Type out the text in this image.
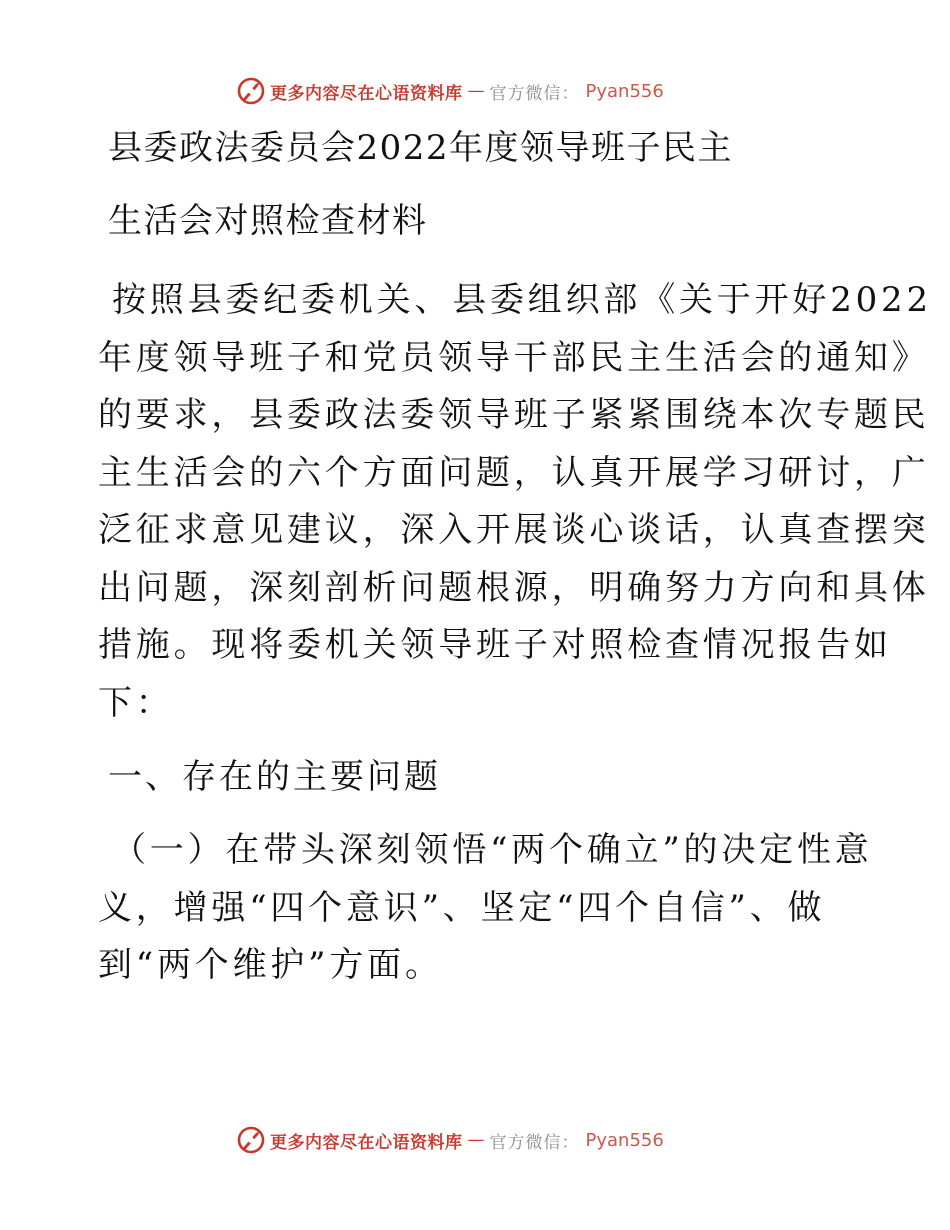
更多内容尽在心语资料库 — 官方微信： Pyan556
县委政法委员会2022年度领导班子民主
生活会对照检查材料
按照县委纪委机关、县委组织部《关于开好2022
年度领导班子和党员领导干部民主生活会的通知》
的要求，县委政法委领导班子紧紧围绕本次专题民
主生活会的六个方面问题，认真开展学习研讨，广
泛征求意见建议，深入开展谈心谈话，认真查摆突
出问题，深刻剖析问题根源，明确努力方向和具体
措施。现将委机关领导班子对照检查情况报告如
下：
一、存在的主要问题
（一）在带头深刻领悟“两个确立”的决定性意
义，增强“四个意识”、坚定“四个自信”、做
到“两个维护”方面。
更多内容尽在心语资料库 — 官方微信： Pyan556
